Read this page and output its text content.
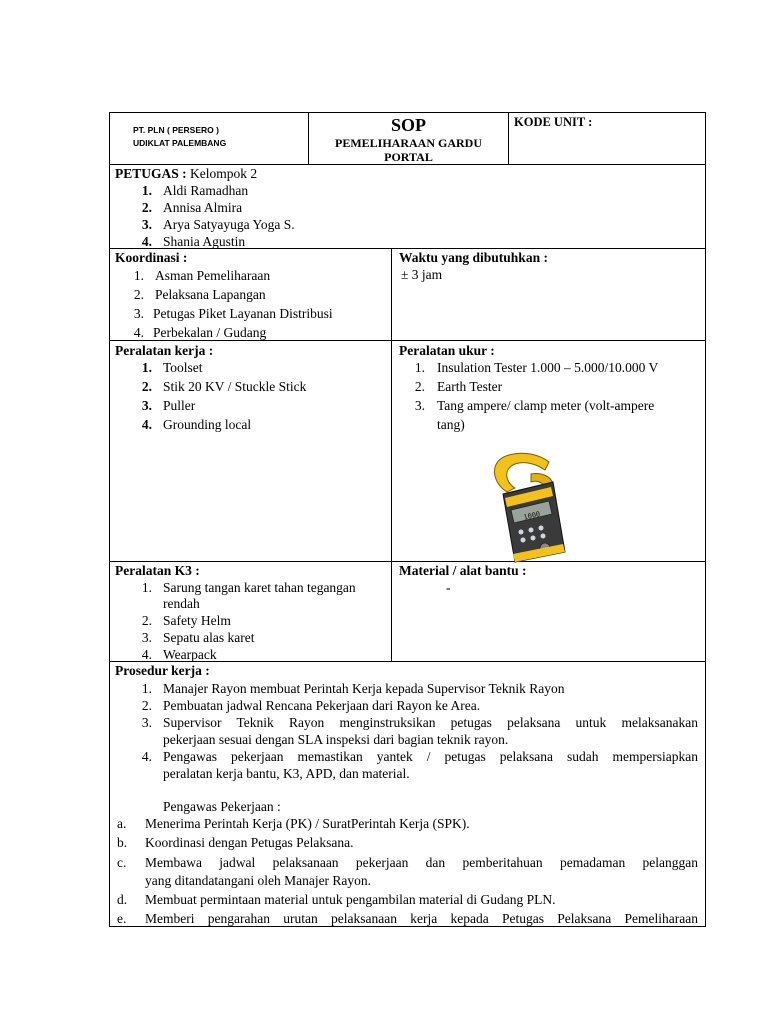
PT. PLN ( PERSERO )
UDIKLAT PALEMBANG
SOP
PEMELIHARAAN GARDU
PORTAL
KODE UNIT :
PETUGAS : Kelompok 2
1. Aldi Ramadhan
2. Annisa Almira
3. Arya Satyayuga Yoga S.
4. Shania Agustin
Koordinasi :
1. Asman Pemeliharaan
2. Pelaksana Lapangan
3. Petugas Piket Layanan Distribusi
4. Perbekalan / Gudang
Waktu yang dibutuhkan :
± 3 jam
Peralatan kerja :
1. Toolset
2. Stik 20 KV / Stuckle Stick
3. Puller
4. Grounding local
Peralatan ukur :
1. Insulation Tester 1.000 – 5.000/10.000 V
2. Earth Tester
3. Tang ampere/ clamp meter (volt-ampere
tang)
1000
Peralatan K3 :
1. Sarung tangan karet tahan tegangan
rendah
2. Safety Helm
3. Sepatu alas karet
4. Wearpack
Material / alat bantu :
-
Prosedur kerja :
1. Manajer Rayon membuat Perintah Kerja kepada Supervisor Teknik Rayon
2. Pembuatan jadwal Rencana Pekerjaan dari Rayon ke Area.
3. Supervisor Teknik Rayon menginstruksikan petugas pelaksana untuk melaksanakan
pekerjaan sesuai dengan SLA inspeksi dari bagian teknik rayon.
4. Pengawas pekerjaan memastikan yantek / petugas pelaksana sudah mempersiapkan
peralatan kerja bantu, K3, APD, dan material.
Pengawas Pekerjaan :
a. Menerima Perintah Kerja (PK) / SuratPerintah Kerja (SPK).
b. Koordinasi dengan Petugas Pelaksana.
c. Membawa jadwal pelaksanaan pekerjaan dan pemberitahuan pemadaman pelanggan
yang ditandatangani oleh Manajer Rayon.
d. Membuat permintaan material untuk pengambilan material di Gudang PLN.
e. Memberi pengarahan urutan pelaksanaan kerja kepada Petugas Pelaksana Pemeliharaan
